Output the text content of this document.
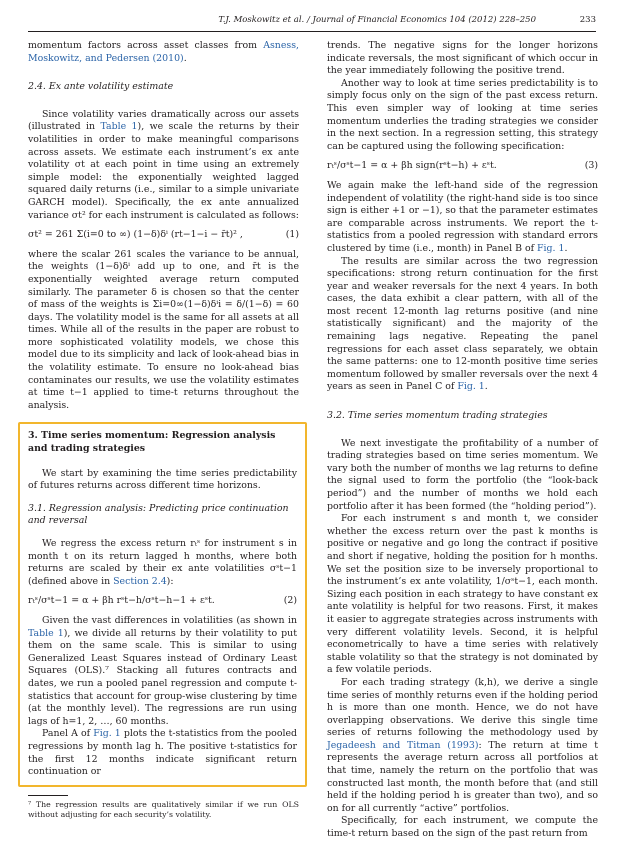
T.J. Moskowitz et al. / Journal of Financial Economics 104 (2012) 228–250	233

momentum factors across asset classes from Asness, Moskowitz, and Pedersen (2010).

2.4. Ex ante volatility estimate

Since volatility varies dramatically across our assets (illustrated in Table 1), we scale the returns by their volatilities in order to make meaningful comparisons across assets. We estimate each instrument’s ex ante volatility σt at each point in time using an extremely simple model: the exponentially weighted lagged squared daily returns (i.e., similar to a simple univariate GARCH model). Specifically, the ex ante annualized variance σt² for each instrument is calculated as follows:

σt² = 261 Σ(i=0 to ∞) (1−δ)δⁱ (rt−1−i − r̄t)² ,	(1)

where the scalar 261 scales the variance to be annual, the weights (1−δ)δⁱ add up to one, and r̄t is the exponentially weighted average return computed similarly. The parameter δ is chosen so that the center of mass of the weights is Σi=0∞(1−δ)δⁱi = δ/(1−δ) = 60 days. The volatility model is the same for all assets at all times. While all of the results in the paper are robust to more sophisticated volatility models, we chose this model due to its simplicity and lack of look-ahead bias in the volatility estimate. To ensure no look-ahead bias contaminates our results, we use the volatility estimates at time t−1 applied to time-t returns throughout the analysis.

3. Time series momentum: Regression analysis and trading strategies

We start by examining the time series predictability of futures returns across different time horizons.

3.1. Regression analysis: Predicting price continuation and reversal

We regress the excess return rₜˢ for instrument s in month t on its return lagged h months, where both returns are scaled by their ex ante volatilities σˢt−1 (defined above in Section 2.4):

rₜˢ/σˢt−1 = α + βh rˢt−h/σˢt−h−1 + εˢt.	(2)

Given the vast differences in volatilities (as shown in Table 1), we divide all returns by their volatility to put them on the same scale. This is similar to using Generalized Least Squares instead of Ordinary Least Squares (OLS).⁷ Stacking all futures contracts and dates, we run a pooled panel regression and compute t-statistics that account for group-wise clustering by time (at the monthly level). The regressions are run using lags of h=1, 2, …, 60 months.

Panel A of Fig. 1 plots the t-statistics from the pooled regressions by month lag h. The positive t-statistics for the first 12 months indicate significant return continuation or

⁷ The regression results are qualitatively similar if we run OLS without adjusting for each security’s volatility.

trends. The negative signs for the longer horizons indicate reversals, the most significant of which occur in the year immediately following the positive trend.

Another way to look at time series predictability is to simply focus only on the sign of the past excess return. This even simpler way of looking at time series momentum underlies the trading strategies we consider in the next section. In a regression setting, this strategy can be captured using the following specification:

rₜˢ/σˢt−1 = α + βh sign(rˢt−h) + εˢt.	(3)

We again make the left-hand side of the regression independent of volatility (the right-hand side is too since sign is either +1 or −1), so that the parameter estimates are comparable across instruments. We report the t-statistics from a pooled regression with standard errors clustered by time (i.e., month) in Panel B of Fig. 1.

The results are similar across the two regression specifications: strong return continuation for the first year and weaker reversals for the next 4 years. In both cases, the data exhibit a clear pattern, with all of the most recent 12-month lag returns positive (and nine statistically significant) and the majority of the remaining lags negative. Repeating the panel regressions for each asset class separately, we obtain the same patterns: one to 12-month positive time series momentum followed by smaller reversals over the next 4 years as seen in Panel C of Fig. 1.

3.2. Time series momentum trading strategies

We next investigate the profitability of a number of trading strategies based on time series momentum. We vary both the number of months we lag returns to define the signal used to form the portfolio (the “look-back period”) and the number of months we hold each portfolio after it has been formed (the “holding period”).

For each instrument s and month t, we consider whether the excess return over the past k months is positive or negative and go long the contract if positive and short if negative, holding the position for h months. We set the position size to be inversely proportional to the instrument’s ex ante volatility, 1/σˢt−1, each month. Sizing each position in each strategy to have constant ex ante volatility is helpful for two reasons. First, it makes it easier to aggregate strategies across instruments with very different volatility levels. Second, it is helpful econometrically to have a time series with relatively stable volatility so that the strategy is not dominated by a few volatile periods.

For each trading strategy (k,h), we derive a single time series of monthly returns even if the holding period h is more than one month. Hence, we do not have overlapping observations. We derive this single time series of returns following the methodology used by Jegadeesh and Titman (1993): The return at time t represents the average return across all portfolios at that time, namely the return on the portfolio that was constructed last month, the month before that (and still held if the holding period h is greater than two), and so on for all currently “active” portfolios.

Specifically, for each instrument, we compute the time-t return based on the sign of the past return from
